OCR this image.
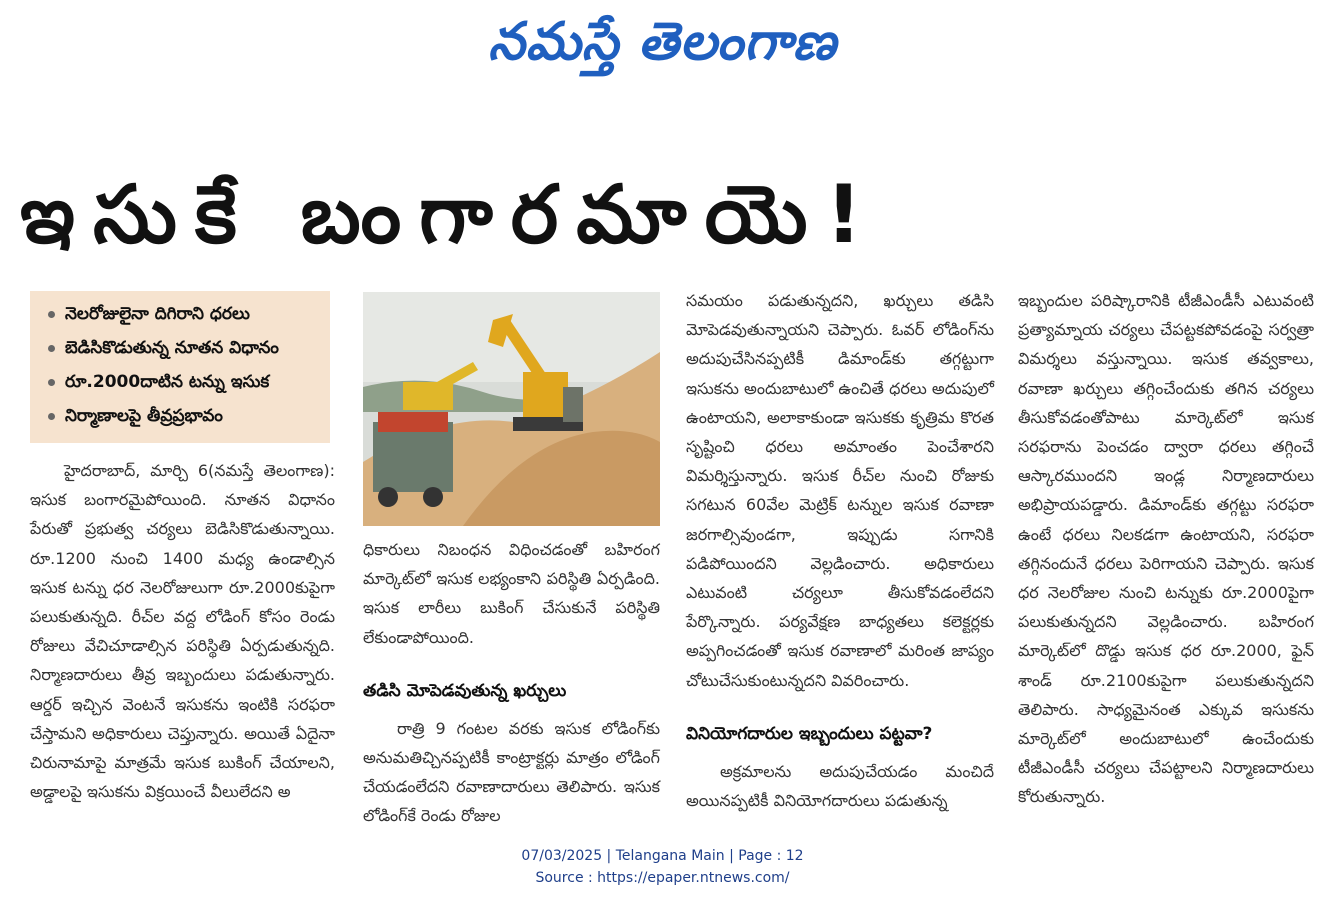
నమస్తే తెలంగాణ
ఇసుకే బంగారమాయె!
నెలరోజులైనా దిగిరాని ధరలు
బెడిసికొడుతున్న నూతన విధానం
రూ.2000దాటిన టన్ను ఇసుక
నిర్మాణాలపై తీవ్రప్రభావం

హైదరాబాద్, మార్చి 6(నమస్తే తెలంగాణ): ఇసుక బంగారమైపోయింది. నూతన విధానం పేరుతో ప్రభుత్వ చర్యలు బెడిసికొడుతున్నాయి. రూ.1200 నుంచి 1400 మధ్య ఉండాల్సిన ఇసుక టన్ను ధర నెలరోజులుగా రూ.2000కుపైగా పలుకుతున్నది. రీచ్‌ల వద్ద లోడింగ్ కోసం రెండు రోజులు వేచిచూడాల్సిన పరిస్థితి ఏర్పడుతున్నది. నిర్మాణదారులు తీవ్ర ఇబ్బందులు పడుతున్నారు. ఆర్డర్ ఇచ్చిన వెంటనే ఇసుకను ఇంటికి సరఫరా చేస్తామని అధికారులు చెప్తున్నారు. అయితే ఏదైనా చిరునామాపై మాత్రమే ఇసుక బుకింగ్ చేయాలని, అడ్డాలపై ఇసుకను విక్రయించే వీలులేదని అ

ధికారులు నిబంధన విధించడంతో బహిరంగ మార్కెట్‌లో ఇసుక లభ్యంకాని పరిస్థితి ఏర్పడింది. ఇసుక లారీలు బుకింగ్ చేసుకునే పరిస్థితి లేకుండాపోయింది.

తడిసి మోపెడవుతున్న ఖర్చులు

రాత్రి 9 గంటల వరకు ఇసుక లోడింగ్‌కు అనుమతిచ్చినప్పటికీ కాంట్రాక్టర్లు మాత్రం లోడింగ్ చేయడంలేదని రవాణాదారులు తెలిపారు. ఇసుక లోడింగ్‌కే రెండు రోజుల

సమయం పడుతున్నదని, ఖర్చులు తడిసి మోపెడవుతున్నాయని చెప్పారు. ఓవర్ లోడింగ్‌ను అదుపుచేసినప్పటికీ డిమాండ్‌కు తగ్గట్టుగా ఇసుకను అందుబాటులో ఉంచితే ధరలు అదుపులో ఉంటాయని, అలాకాకుండా ఇసుకకు కృత్రిమ కొరత సృష్టించి ధరలు అమాంతం పెంచేశారని విమర్శిస్తున్నారు. ఇసుక రీచ్‌ల నుంచి రోజుకు సగటున 60వేల మెట్రిక్ టన్నుల ఇసుక రవాణా జరగాల్సివుండగా, ఇప్పుడు సగానికి పడిపోయిందని వెల్లడించారు. అధికారులు ఎటువంటి చర్యలూ తీసుకోవడంలేదని పేర్కొన్నారు. పర్యవేక్షణ బాధ్యతలు కలెక్టర్లకు అప్పగించడంతో ఇసుక రవాణాలో మరింత జాప్యం చోటుచేసుకుంటున్నదని వివరించారు.

వినియోగదారుల ఇబ్బందులు పట్టవా?

అక్రమాలను అదుపుచేయడం మంచిదే అయినప్పటికీ వినియోగదారులు పడుతున్న

ఇబ్బందుల పరిష్కారానికి టీజీఎండీసీ ఎటువంటి ప్రత్యామ్నాయ చర్యలు చేపట్టకపోవడంపై సర్వత్రా విమర్శలు వస్తున్నాయి. ఇసుక తవ్వకాలు, రవాణా ఖర్చులు తగ్గించేందుకు తగిన చర్యలు తీసుకోవడంతోపాటు మార్కెట్‌లో ఇసుక సరఫరాను పెంచడం ద్వారా ధరలు తగ్గించే ఆస్కారముందని ఇండ్ల నిర్మాణదారులు అభిప్రాయపడ్డారు. డిమాండ్‌కు తగ్గట్టు సరఫరా ఉంటే ధరలు నిలకడగా ఉంటాయని, సరఫరా తగ్గినందునే ధరలు పెరిగాయని చెప్పారు. ఇసుక ధర నెలరోజుల నుంచి టన్నుకు రూ.2000పైగా పలుకుతున్నదని వెల్లడించారు. బహిరంగ మార్కెట్‌లో దొడ్డు ఇసుక ధర రూ.2000, ఫైన్ శాండ్ రూ.2100కుపైగా పలుకుతున్నదని తెలిపారు. సాధ్యమైనంత ఎక్కువ ఇసుకను మార్కెట్‌లో అందుబాటులో ఉంచేందుకు టీజీఎండీసీ చర్యలు చేపట్టాలని నిర్మాణదారులు కోరుతున్నారు.

07/03/2025 | Telangana Main | Page : 12
Source : https://epaper.ntnews.com/
